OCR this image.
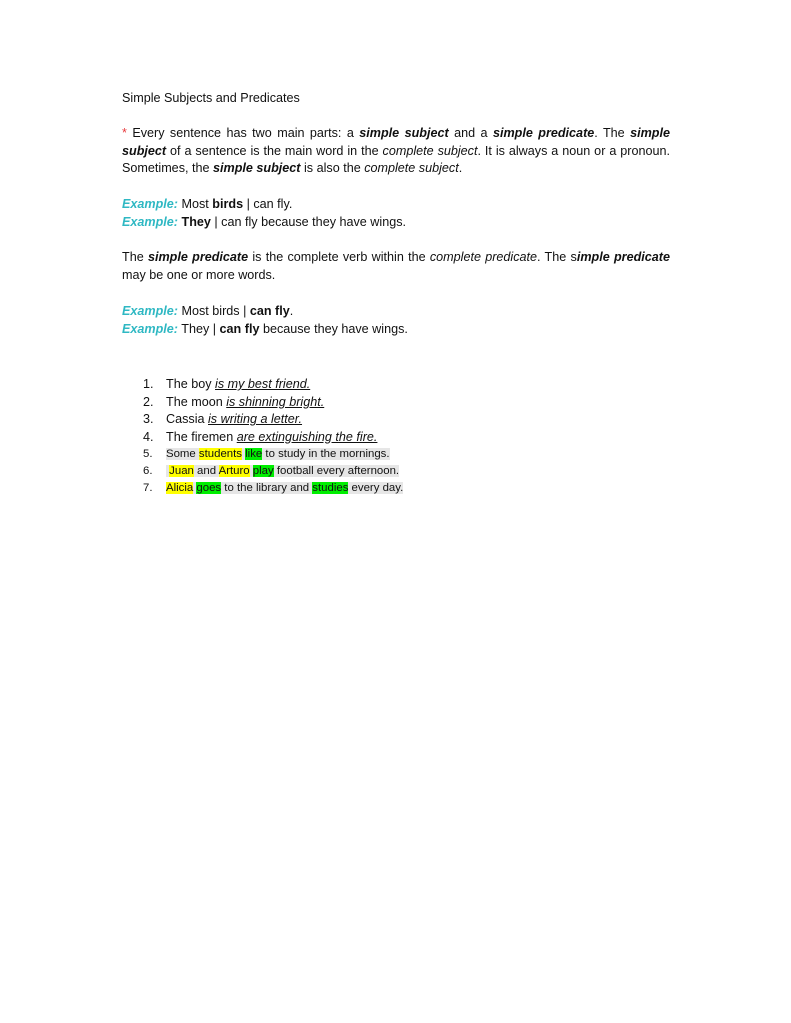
Simple Subjects and Predicates
* Every sentence has two main parts: a simple subject and a simple predicate. The simple subject of a sentence is the main word in the complete subject. It is always a noun or a pronoun. Sometimes, the simple subject is also the complete subject.
Example: Most birds | can fly.
Example: They | can fly because they have wings.
The simple predicate is the complete verb within the complete predicate. The simple predicate may be one or more words.
Example: Most birds | can fly.
Example: They | can fly because they have wings.
1. The boy is my best friend.
2. The moon is shinning bright.
3. Cassia is writing a letter.
4. The firemen are extinguishing the fire.
5. Some students like to study in the mornings.
6. Juan and Arturo play football every afternoon.
7. Alicia goes to the library and studies every day.
